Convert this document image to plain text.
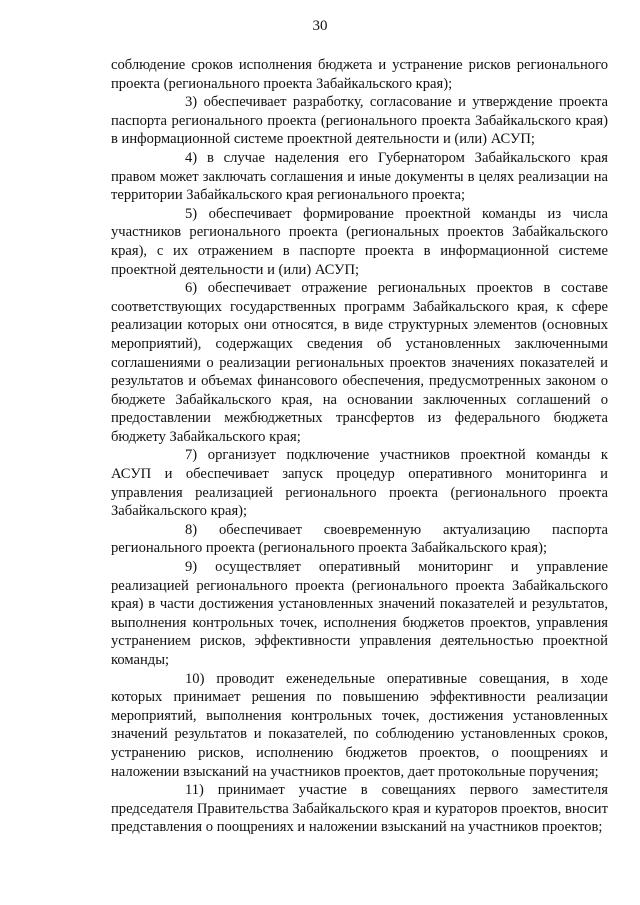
30

соблюдение сроков исполнения бюджета и устранение рисков регионального проекта (регионального проекта Забайкальского края);

3) обеспечивает разработку, согласование и утверждение проекта паспорта регионального проекта (регионального проекта Забайкальского края) в информационной системе проектной деятельности и (или) АСУП;

4) в случае наделения его Губернатором Забайкальского края правом может заключать соглашения и иные документы в целях реализации на территории Забайкальского края регионального проекта;

5) обеспечивает формирование проектной команды из числа участников регионального проекта (региональных проектов Забайкальского края), с их отражением в паспорте проекта в информационной системе проектной деятельности и (или) АСУП;

6) обеспечивает отражение региональных проектов в составе соответствующих государственных программ Забайкальского края, к сфере реализации которых они относятся, в виде структурных элементов (основных мероприятий), содержащих сведения об установленных заключенными соглашениями о реализации региональных проектов значениях показателей и результатов и объемах финансового обеспечения, предусмотренных законом о бюджете Забайкальского края, на основании заключенных соглашений о предоставлении межбюджетных трансфертов из федерального бюджета бюджету Забайкальского края;

7) организует подключение участников проектной команды к АСУП и обеспечивает запуск процедур оперативного мониторинга и управления реализацией регионального проекта (регионального проекта Забайкальского края);

8) обеспечивает своевременную актуализацию паспорта регионального проекта (регионального проекта Забайкальского края);

9) осуществляет оперативный мониторинг и управление реализацией регионального проекта (регионального проекта Забайкальского края) в части достижения установленных значений показателей и результатов, выполнения контрольных точек, исполнения бюджетов проектов, управления устранением рисков, эффективности управления деятельностью проектной команды;

10) проводит еженедельные оперативные совещания, в ходе которых принимает решения по повышению эффективности реализации мероприятий, выполнения контрольных точек, достижения установленных значений результатов и показателей, по соблюдению установленных сроков, устранению рисков, исполнению бюджетов проектов, о поощрениях и наложении взысканий на участников проектов, дает протокольные поручения;

11) принимает участие в совещаниях первого заместителя председателя Правительства Забайкальского края и кураторов проектов, вносит представления о поощрениях и наложении взысканий на участников проектов;
